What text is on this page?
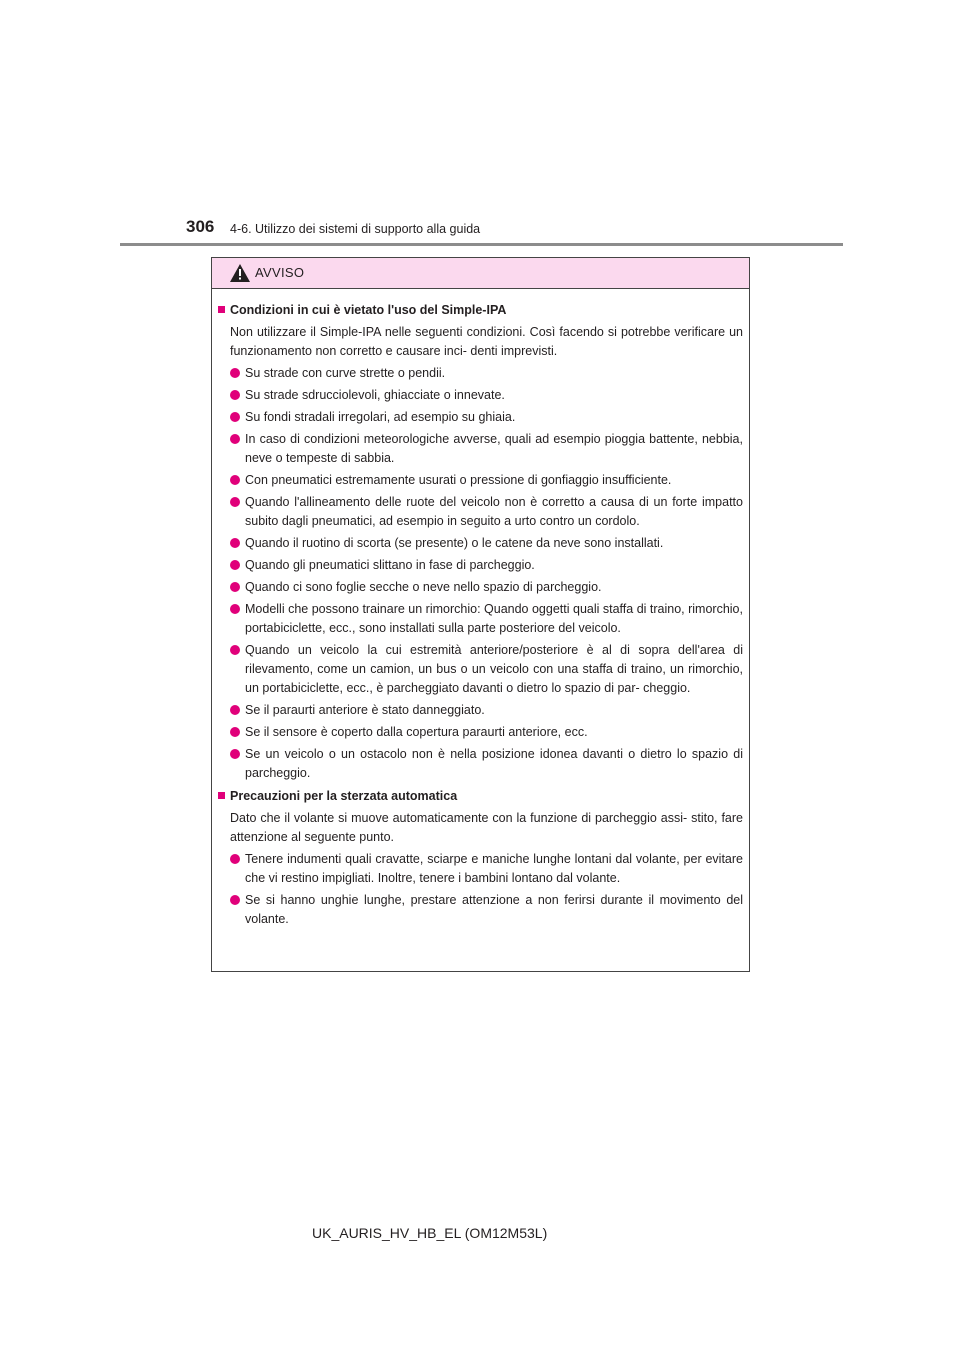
306 4-6. Utilizzo dei sistemi di supporto alla guida
AVVISO
Condizioni in cui è vietato l'uso del Simple-IPA
Non utilizzare il Simple-IPA nelle seguenti condizioni. Così facendo si potrebbe verificare un funzionamento non corretto e causare inci- denti imprevisti.
Su strade con curve strette o pendii.
Su strade sdrucciolevoli, ghiacciate o innevate.
Su fondi stradali irregolari, ad esempio su ghiaia.
In caso di condizioni meteorologiche avverse, quali ad esempio pioggia battente, nebbia, neve o tempeste di sabbia.
Con pneumatici estremamente usurati o pressione di gonfiaggio insufficiente.
Quando l'allineamento delle ruote del veicolo non è corretto a causa di un forte impatto subito dagli pneumatici, ad esempio in seguito a urto contro un cordolo.
Quando il ruotino di scorta (se presente) o le catene da neve sono installati.
Quando gli pneumatici slittano in fase di parcheggio.
Quando ci sono foglie secche o neve nello spazio di parcheggio.
Modelli che possono trainare un rimorchio: Quando oggetti quali staffa di traino, rimorchio, portabiciclette, ecc., sono installati sulla parte posteriore del veicolo.
Quando un veicolo la cui estremità anteriore/posteriore è al di sopra dell'area di rilevamento, come un camion, un bus o un veicolo con una staffa di traino, un rimorchio, un portabiciclette, ecc., è parcheggiato davanti o dietro lo spazio di par- cheggio.
Se il paraurti anteriore è stato danneggiato.
Se il sensore è coperto dalla copertura paraurti anteriore, ecc.
Se un veicolo o un ostacolo non è nella posizione idonea davanti o dietro lo spazio di parcheggio.
Precauzioni per la sterzata automatica
Dato che il volante si muove automaticamente con la funzione di parcheggio assi- stito, fare attenzione al seguente punto.
Tenere indumenti quali cravatte, sciarpe e maniche lunghe lontani dal volante, per evitare che vi restino impigliati. Inoltre, tenere i bambini lontano dal volante.
Se si hanno unghie lunghe, prestare attenzione a non ferirsi durante il movimento del volante.
UK_AURIS_HV_HB_EL (OM12M53L)
